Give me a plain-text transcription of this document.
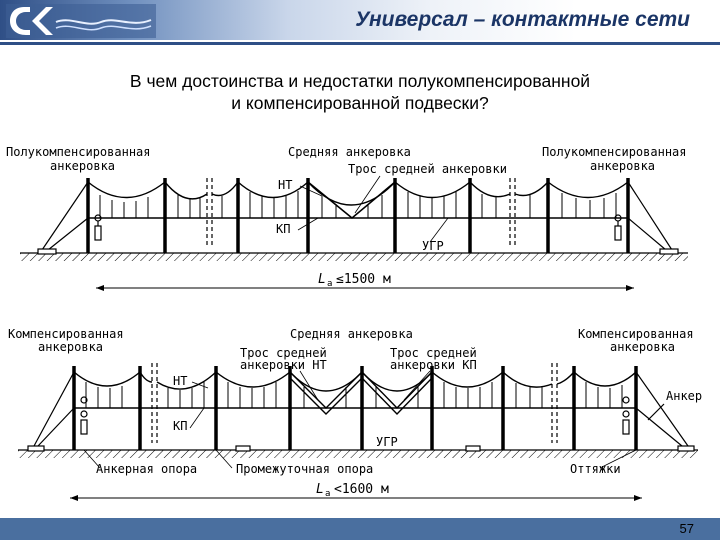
Универсал – контактные сети
В чем достоинства и недостатки полукомпенсированной
и компенсированной подвески?
Полукомпенсированная
анкеровка
Средняя анкеровка	Полукомпенсированная
анкеровка
Трос средней анкеровки
НТ
КП
УГР
L а ≤1500 м
Компенсированная
анкеровка
Средняя анкеровка	Компенсированная
анкеровка
Трос средней
анкеровки НТ
Трос средней
анкеровки КП
НТ
КП
УГР
Анкер
Анкерная опора	Промежуточная опора	Оттяжки
L а <1600 м
57
